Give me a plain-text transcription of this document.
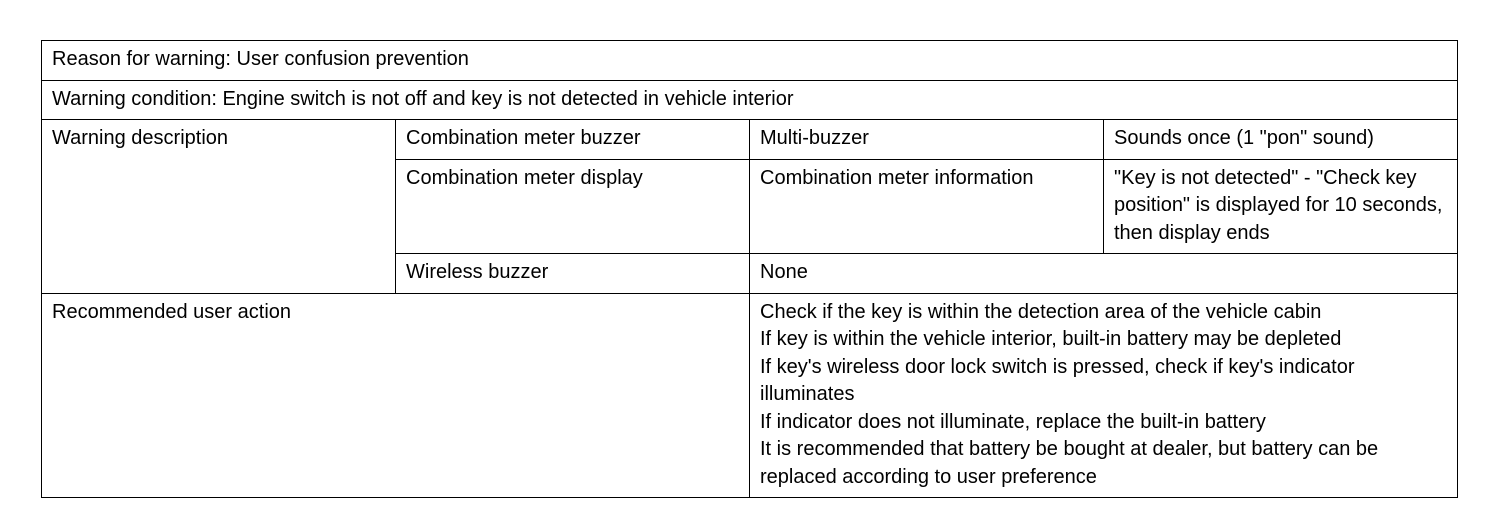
Reason for warning: User confusion prevention			
Warning condition: Engine switch is not off and key is not detected in vehicle interior			
Warning description	Combination meter buzzer	Multi-buzzer	Sounds once (1 "pon" sound)
	Combination meter display	Combination meter information	"Key is not detected" - "Check key position" is displayed for 10 seconds, then display ends
	Wireless buzzer	None	
Recommended user action		Check if the key is within the detection area of the vehicle cabin
If key is within the vehicle interior, built-in battery may be depleted
If key's wireless door lock switch is pressed, check if key's indicator illuminates
If indicator does not illuminate, replace the built-in battery
It is recommended that battery be bought at dealer, but battery can be replaced according to user preference	
